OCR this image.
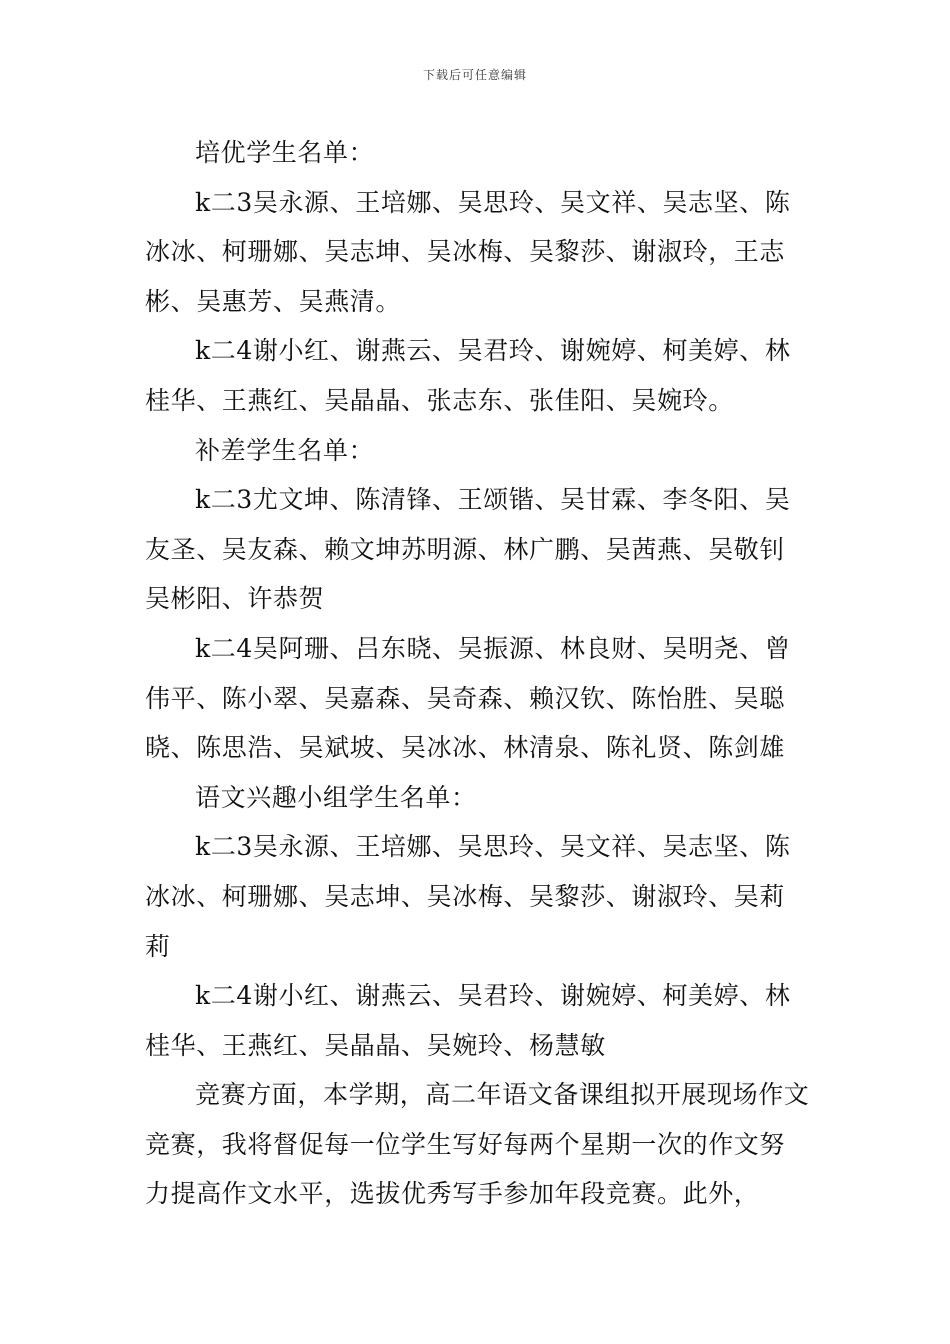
下载后可任意编辑

培优学生名单：

k二3吴永源、王培娜、吴思玲、吴文祥、吴志坚、陈冰冰、柯珊娜、吴志坤、吴冰梅、吴黎莎、谢淑玲，王志彬、吴惠芳、吴燕清。

k二4谢小红、谢燕云、吴君玲、谢婉婷、柯美婷、林桂华、王燕红、吴晶晶、张志东、张佳阳、吴婉玲。

补差学生名单：

k二3尤文坤、陈清锋、王颂锴、吴甘霖、李冬阳、吴友圣、吴友森、赖文坤苏明源、林广鹏、吴茜燕、吴敬钊吴彬阳、许恭贺

k二4吴阿珊、吕东晓、吴振源、林良财、吴明尧、曾伟平、陈小翠、吴嘉森、吴奇森、赖汉钦、陈怡胜、吴聪晓、陈思浩、吴斌坡、吴冰冰、林清泉、陈礼贤、陈剑雄

语文兴趣小组学生名单：

k二3吴永源、王培娜、吴思玲、吴文祥、吴志坚、陈冰冰、柯珊娜、吴志坤、吴冰梅、吴黎莎、谢淑玲、吴莉莉

k二4谢小红、谢燕云、吴君玲、谢婉婷、柯美婷、林桂华、王燕红、吴晶晶、吴婉玲、杨慧敏

竞赛方面，本学期，高二年语文备课组拟开展现场作文竞赛，我将督促每一位学生写好每两个星期一次的作文努力提高作文水平，选拔优秀写手参加年段竞赛。此外，
